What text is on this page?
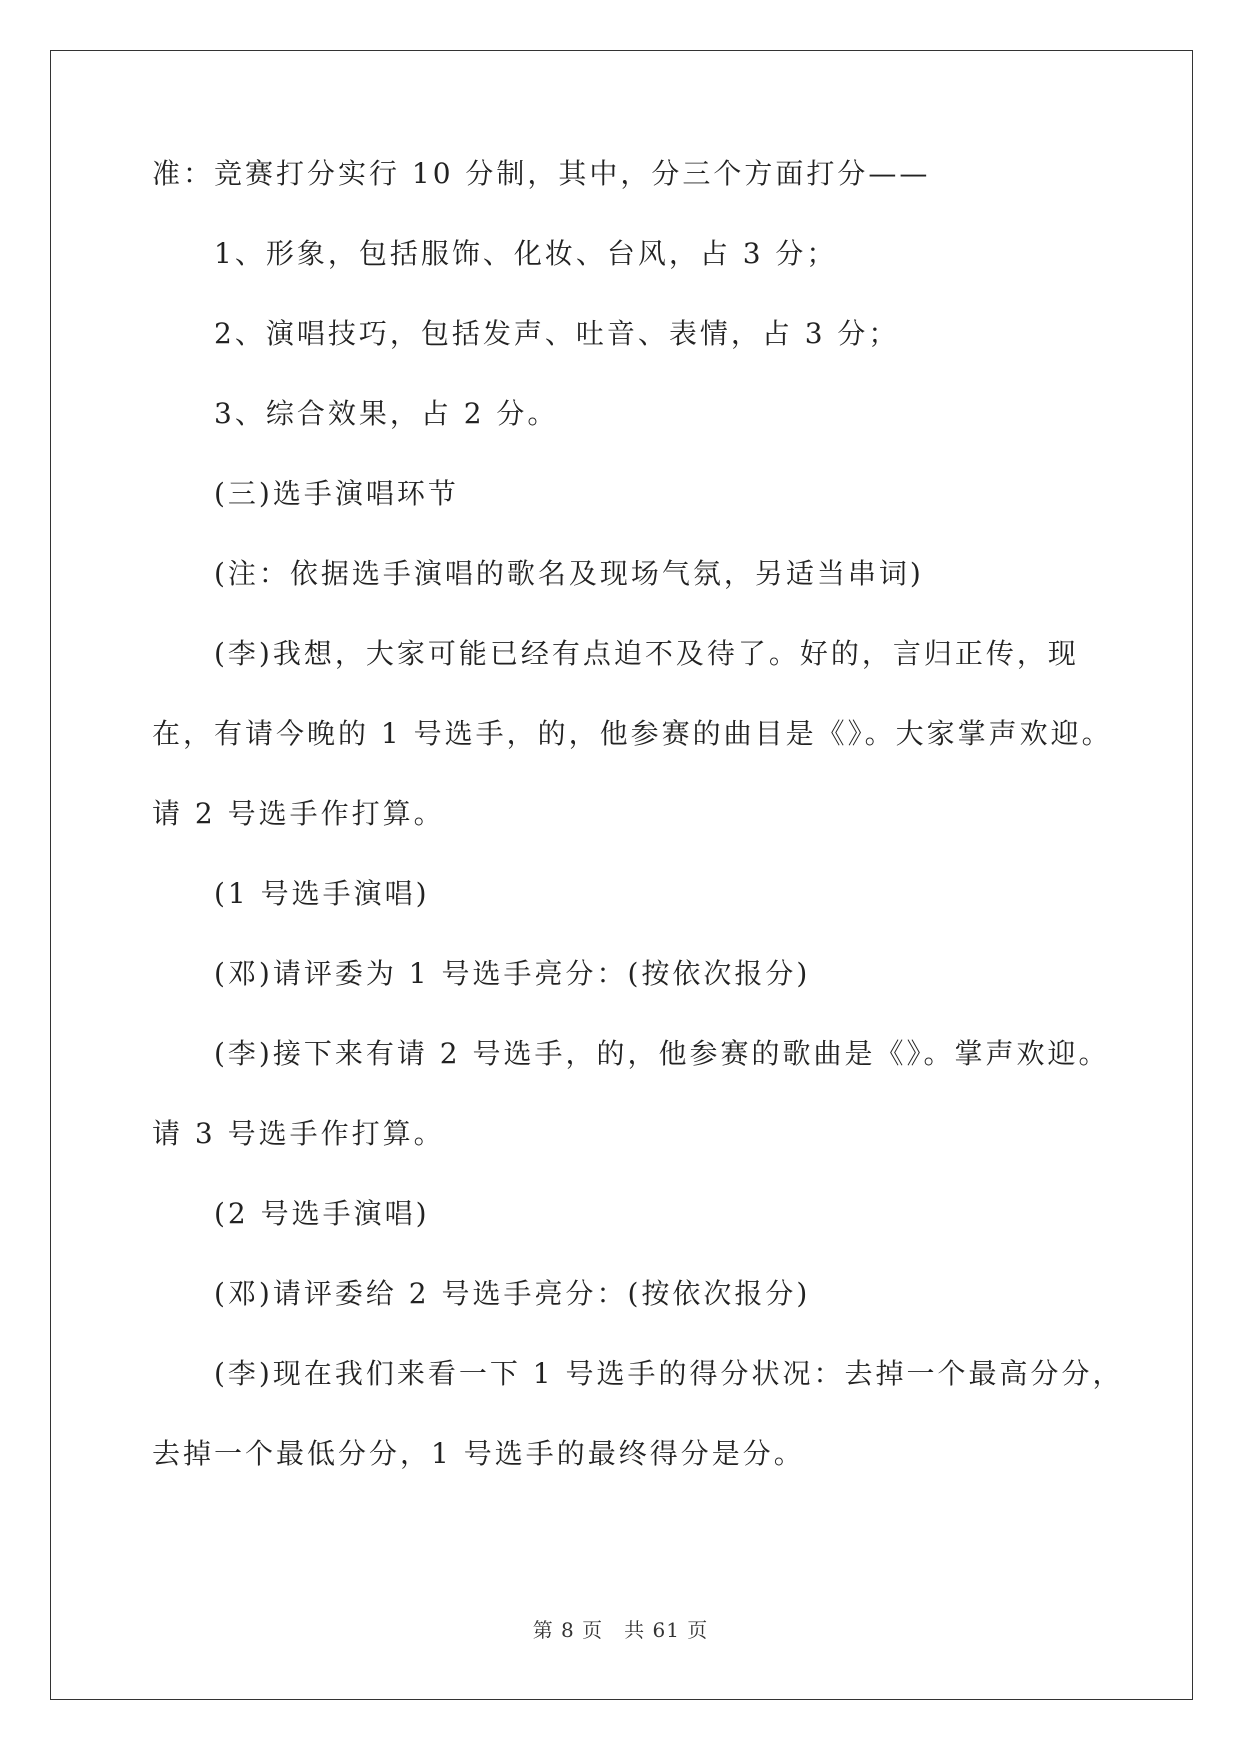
准：竞赛打分实行 10 分制，其中，分三个方面打分——
1、形象，包括服饰、化妆、台风，占 3 分；
2、演唱技巧，包括发声、吐音、表情，占 3 分；
3、综合效果，占 2 分。
(三)选手演唱环节
(注：依据选手演唱的歌名及现场气氛，另适当串词)
(李)我想，大家可能已经有点迫不及待了。好的，言归正传，现
在，有请今晚的 1 号选手，的，他参赛的曲目是《》。大家掌声欢迎。
请 2 号选手作打算。
(1 号选手演唱)
(邓)请评委为 1 号选手亮分：(按依次报分)
(李)接下来有请 2 号选手，的，他参赛的歌曲是《》。掌声欢迎。
请 3 号选手作打算。
(2 号选手演唱)
(邓)请评委给 2 号选手亮分：(按依次报分)
(李)现在我们来看一下 1 号选手的得分状况：去掉一个最高分分，
去掉一个最低分分，1 号选手的最终得分是分。
第 8 页　共 61 页
